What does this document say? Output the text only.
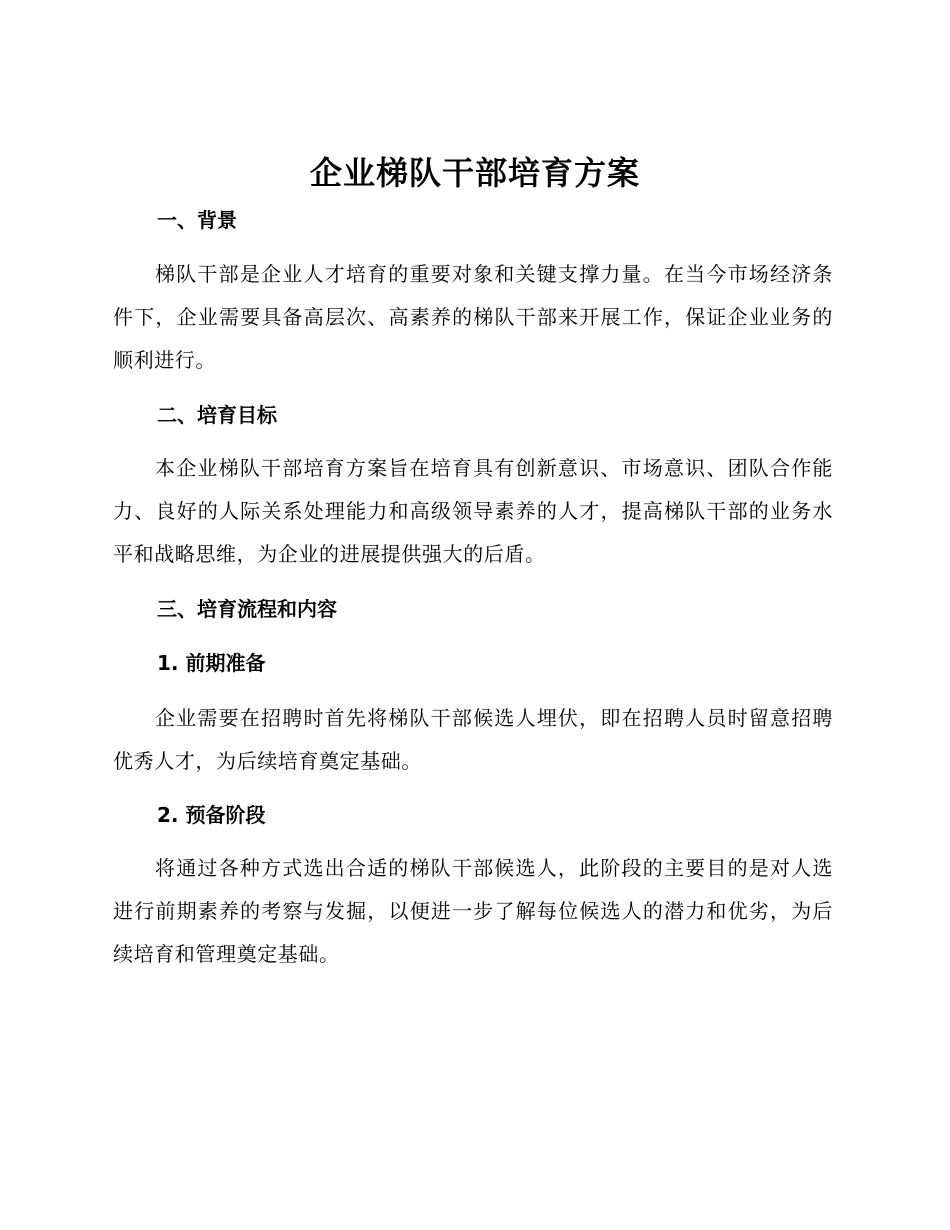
企业梯队干部培育方案
一、背景
梯队干部是企业人才培育的重要对象和关键支撑力量。在当今市场经济条件下，企业需要具备高层次、高素养的梯队干部来开展工作，保证企业业务的顺利进行。
二、培育目标
本企业梯队干部培育方案旨在培育具有创新意识、市场意识、团队合作能力、良好的人际关系处理能力和高级领导素养的人才，提高梯队干部的业务水平和战略思维，为企业的进展提供强大的后盾。
三、培育流程和内容
1. 前期准备
企业需要在招聘时首先将梯队干部候选人埋伏，即在招聘人员时留意招聘优秀人才，为后续培育奠定基础。
2. 预备阶段
将通过各种方式选出合适的梯队干部候选人，此阶段的主要目的是对人选进行前期素养的考察与发掘，以便进一步了解每位候选人的潜力和优劣，为后续培育和管理奠定基础。
